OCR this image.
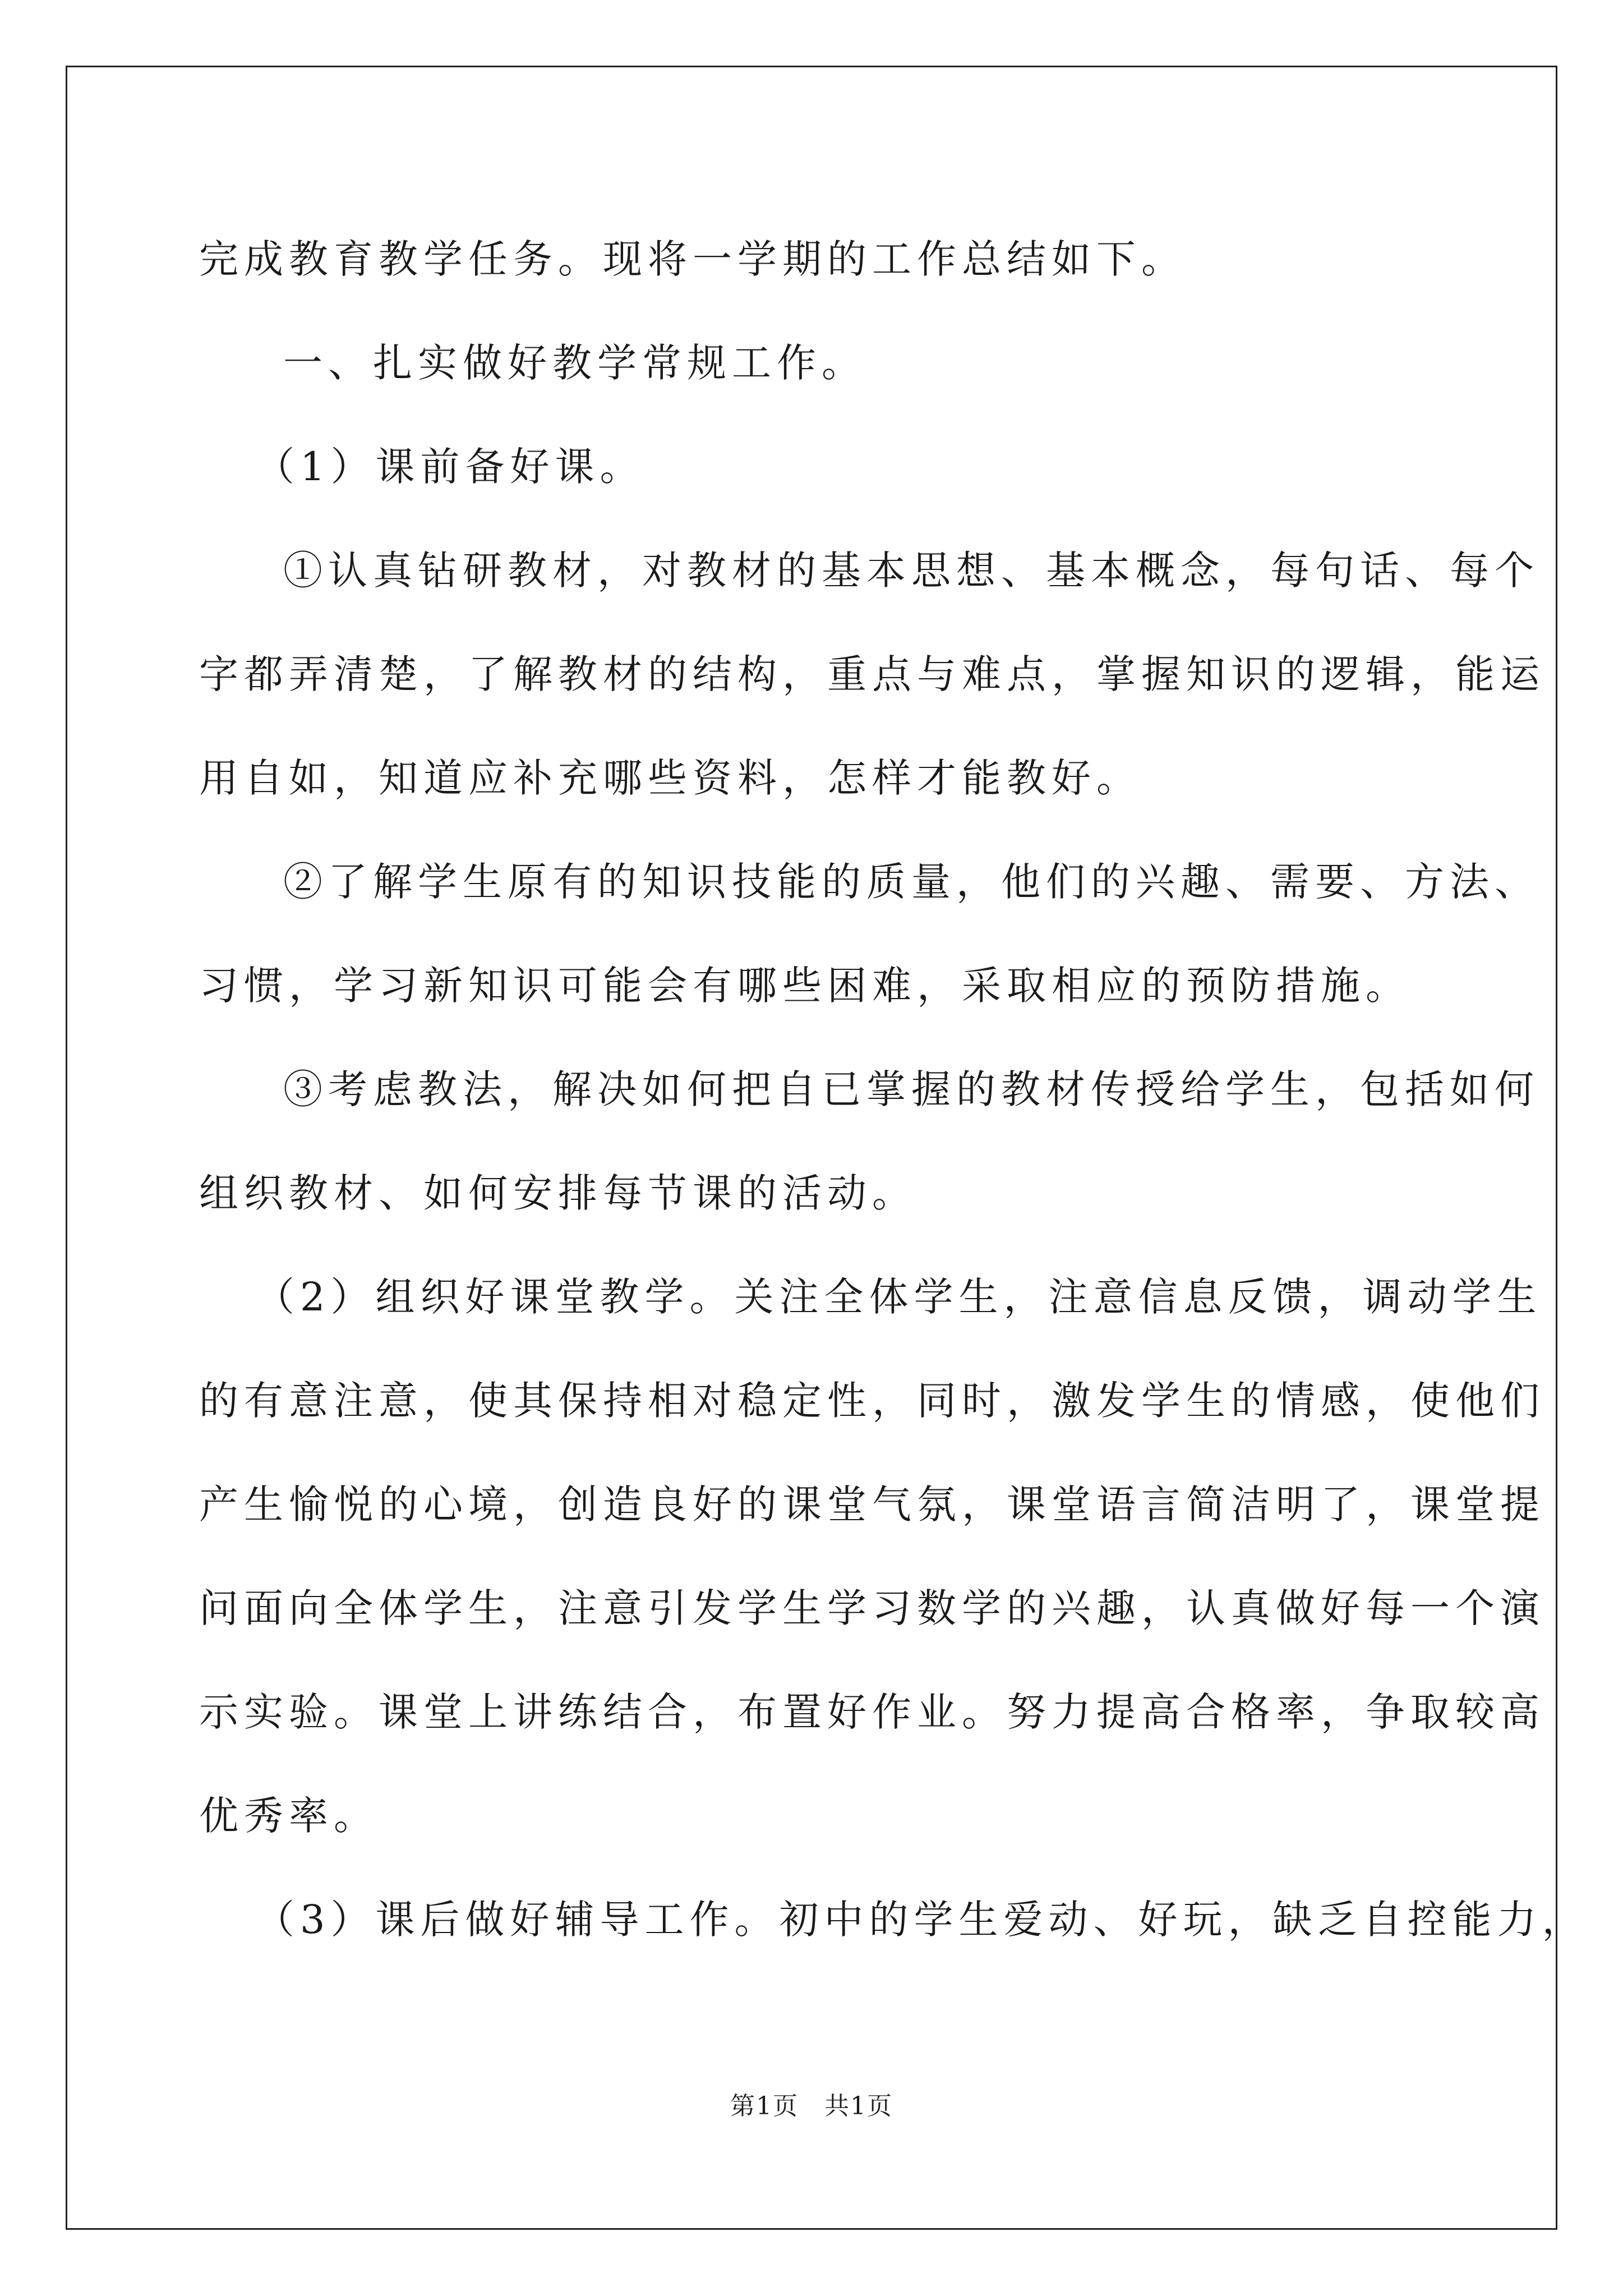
完成教育教学任务。现将一学期的工作总结如下。

一、扎实做好教学常规工作。

（1）课前备好课。

①认真钻研教材，对教材的基本思想、基本概念，每句话、每个

字都弄清楚，了解教材的结构，重点与难点，掌握知识的逻辑，能运

用自如，知道应补充哪些资料，怎样才能教好。

②了解学生原有的知识技能的质量，他们的兴趣、需要、方法、

习惯，学习新知识可能会有哪些困难，采取相应的预防措施。

③考虑教法，解决如何把自已掌握的教材传授给学生，包括如何

组织教材、如何安排每节课的活动。

（2）组织好课堂教学。关注全体学生，注意信息反馈，调动学生

的有意注意，使其保持相对稳定性，同时，激发学生的情感，使他们

产生愉悦的心境，创造良好的课堂气氛，课堂语言简洁明了，课堂提

问面向全体学生，注意引发学生学习数学的兴趣，认真做好每一个演

示实验。课堂上讲练结合，布置好作业。努力提高合格率，争取较高

优秀率。

（3）课后做好辅导工作。初中的学生爱动、好玩，缺乏自控能力，

第1页　共1页
